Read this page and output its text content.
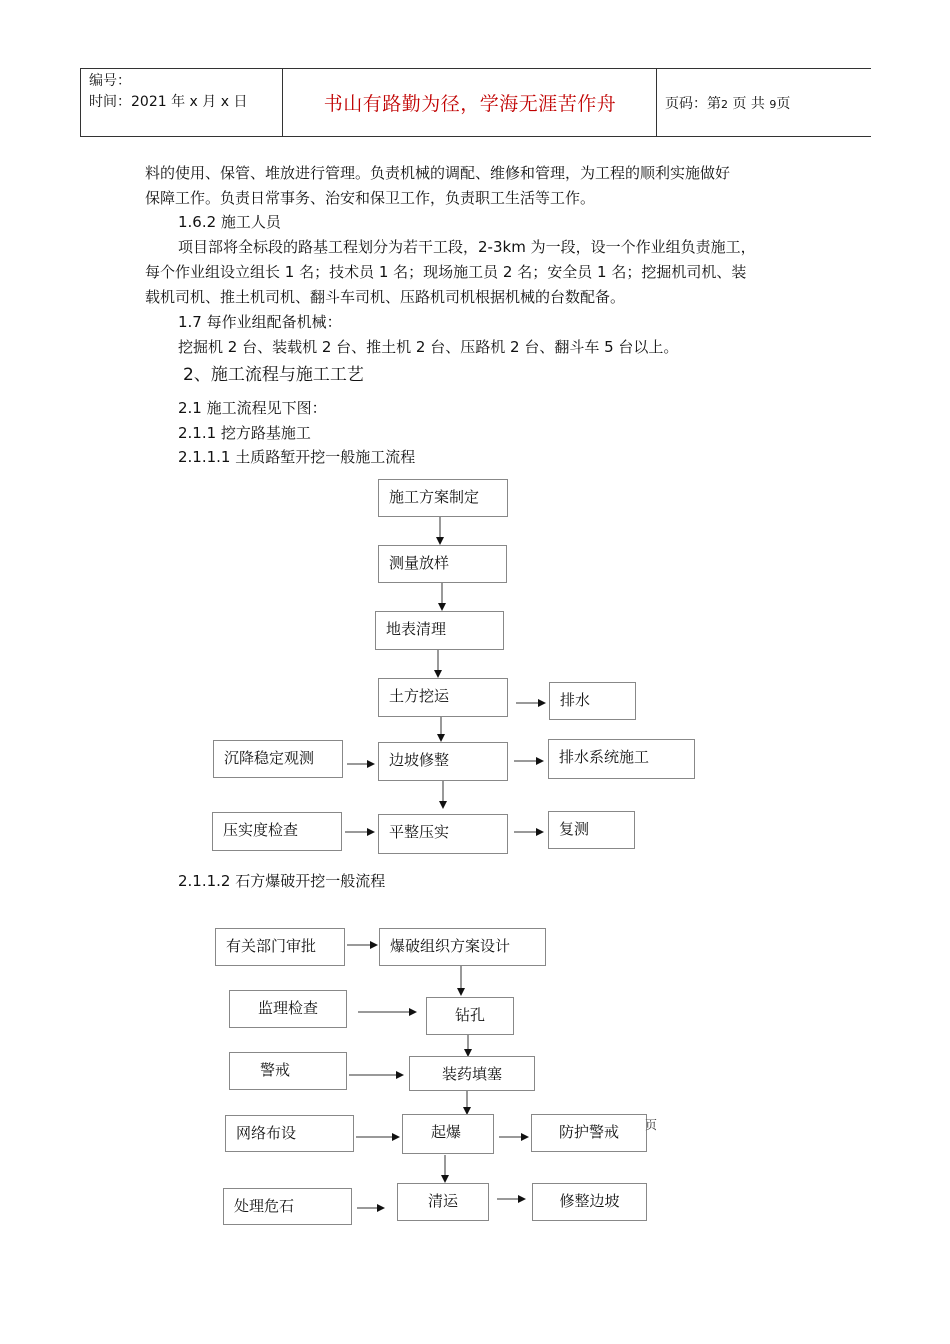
编号：
时间：2021 年 x 月 x 日	书山有路勤为径，学海无涯苦作舟	页码：第2 页 共 9页
料的使用、保管、堆放进行管理。负责机械的调配、维修和管理，为工程的顺利实施做好
保障工作。负责日常事务、治安和保卫工作，负责职工生活等工作。
1.6.2 施工人员
项目部将全标段的路基工程划分为若干工段，2-3km 为一段，设一个作业组负责施工，
每个作业组设立组长 1 名；技术员 1 名；现场施工员 2 名；安全员 1 名；挖掘机司机、装
载机司机、推土机司机、翻斗车司机、压路机司机根据机械的台数配备。
1.7 每作业组配备机械：
挖掘机 2 台、装载机 2 台、推土机 2 台、压路机 2 台、翻斗车 5 台以上。
2、施工流程与施工工艺
2.1 施工流程见下图：
2.1.1 挖方路基施工
2.1.1.1 土质路堑开挖一般施工流程
2.1.1.2 石方爆破开挖一般流程
施工方案制定
测量放样
地表清理
土方挖运	排水
沉降稳定观测	边坡修整	排水系统施工
压实度检查	平整压实	复测
有关部门审批	爆破组织方案设计
监理检查	钻孔
警戒	装药填塞
网络布设	起爆	防护警戒
处理危石	清运	修整边坡
页
